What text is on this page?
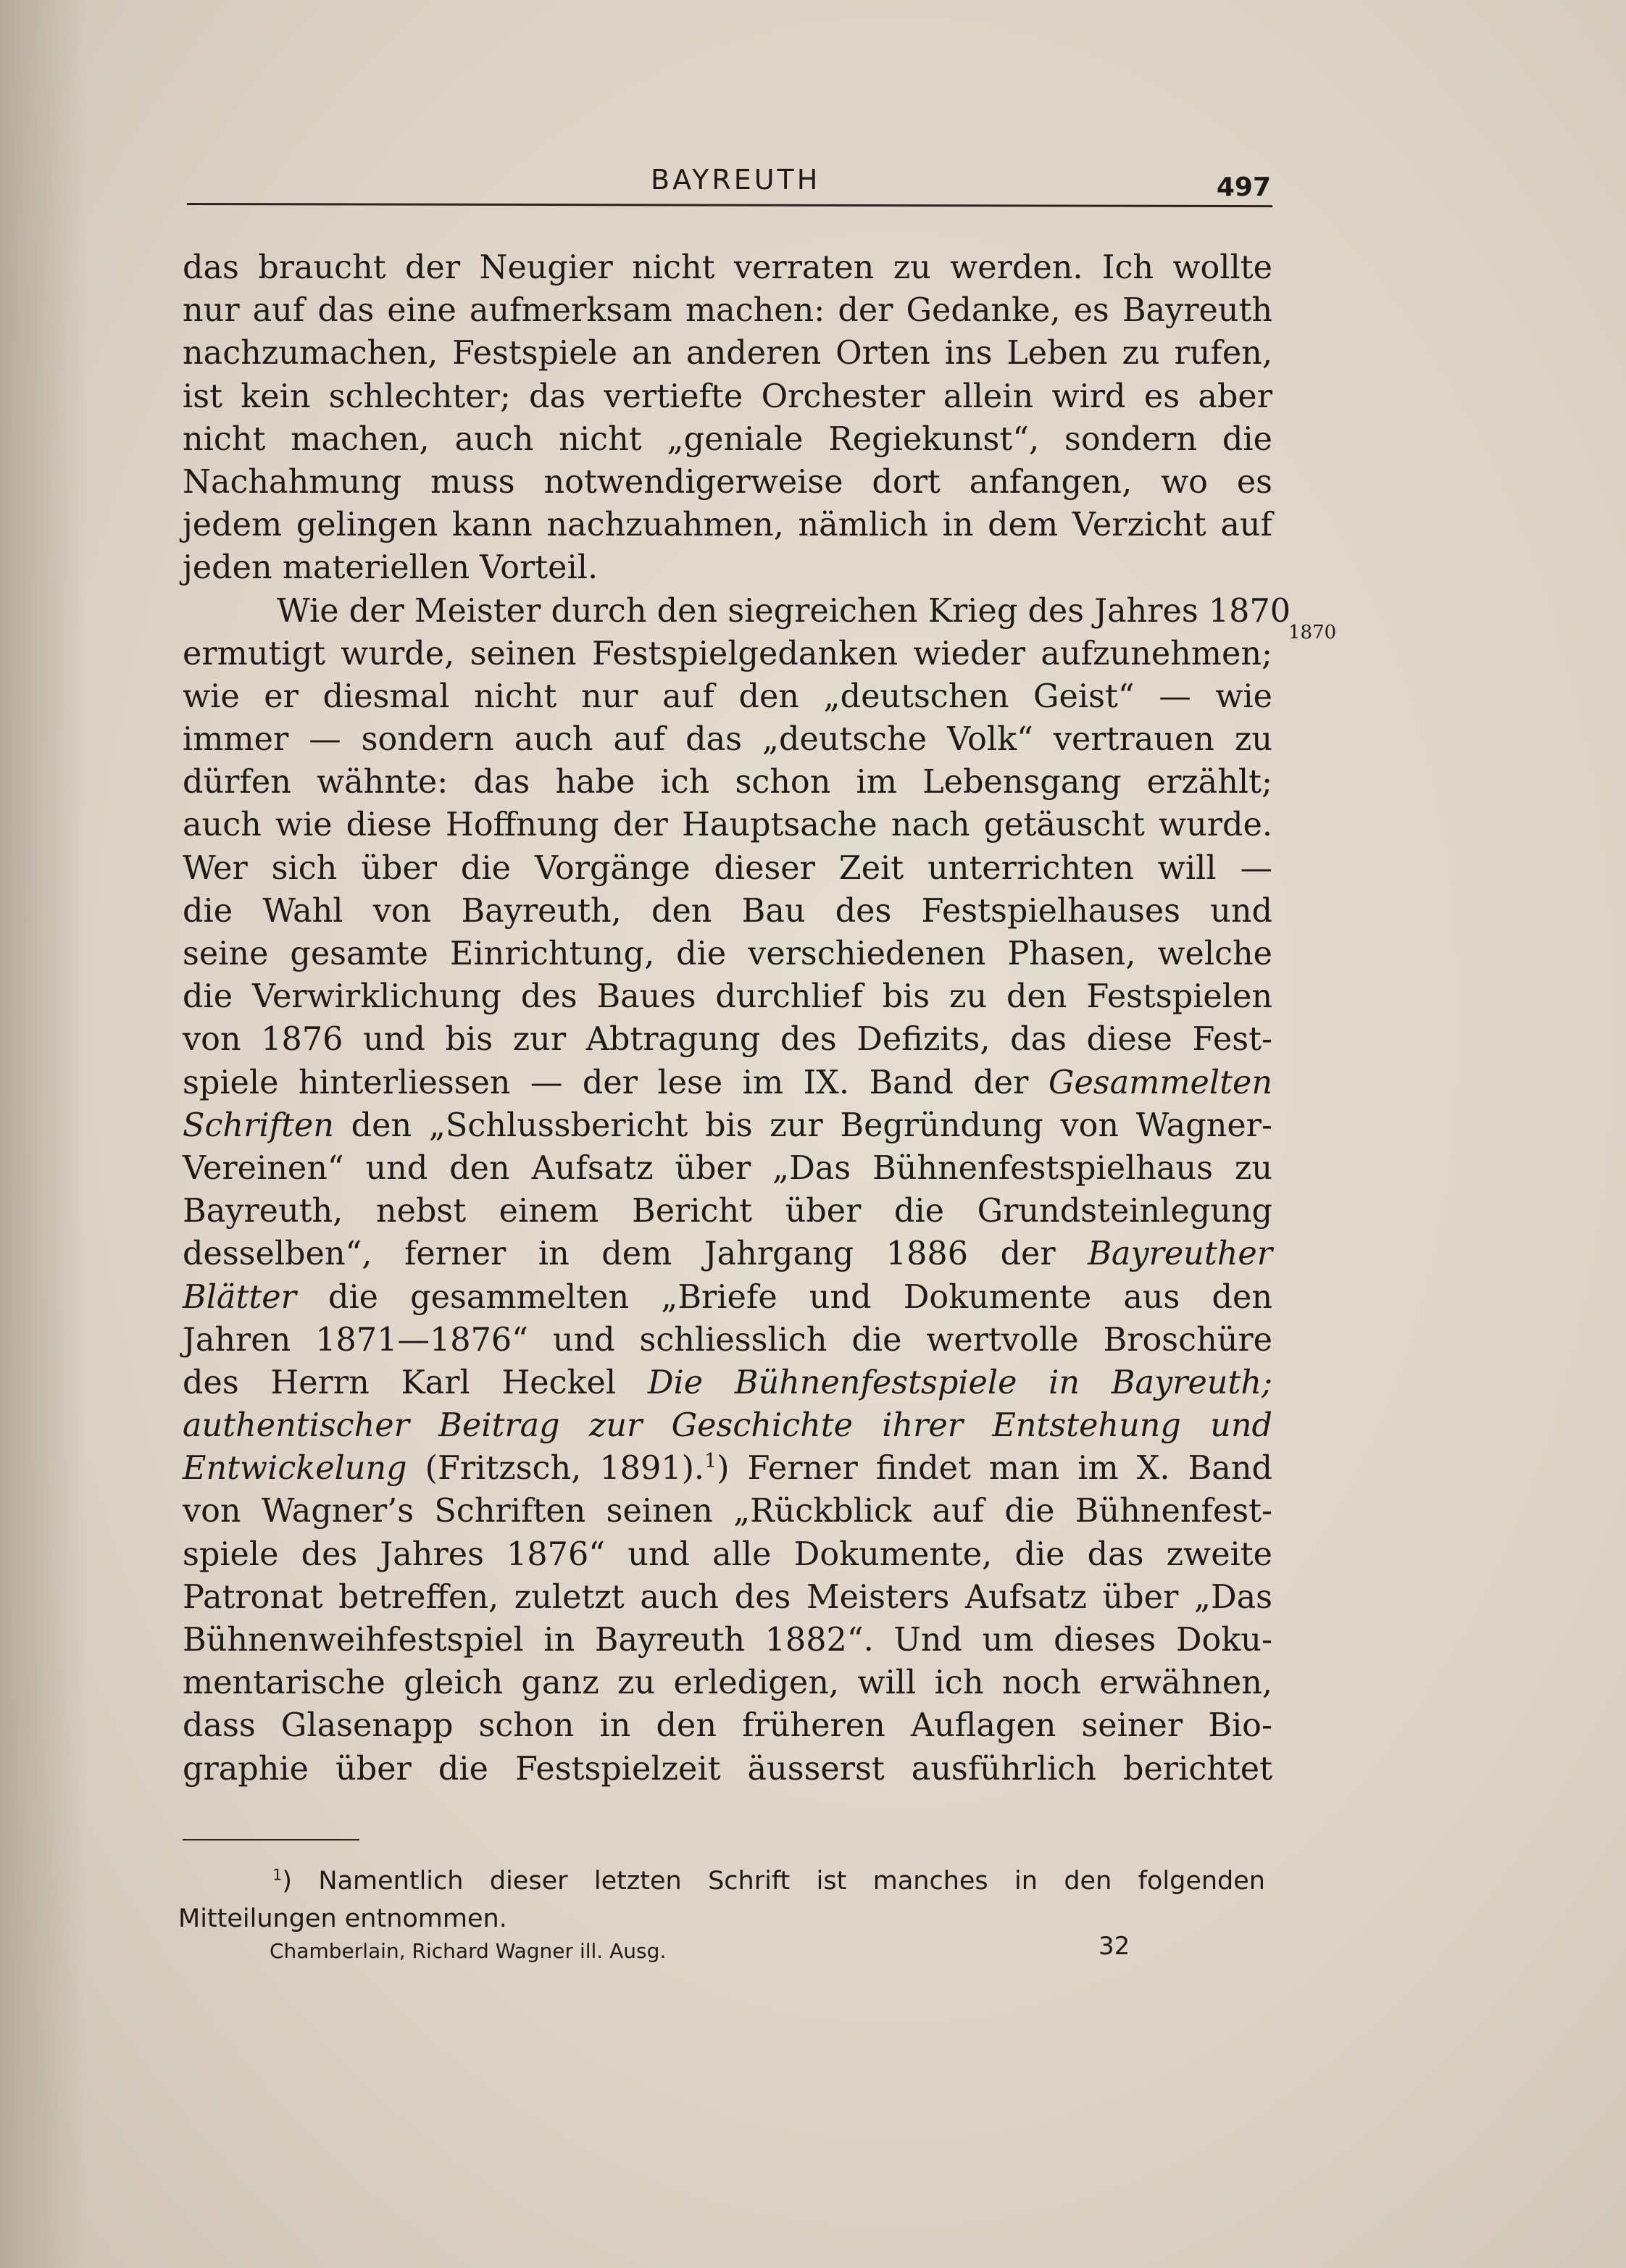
BAYREUTH	497
das braucht der Neugier nicht verraten zu werden. Ich wollte
nur auf das eine aufmerksam machen: der Gedanke, es Bayreuth
nachzumachen, Festspiele an anderen Orten ins Leben zu rufen,
ist kein schlechter; das vertiefte Orchester allein wird es aber
nicht machen, auch nicht „geniale Regiekunst“, sondern die
Nachahmung muss notwendigerweise dort anfangen, wo es
jedem gelingen kann nachzuahmen, nämlich in dem Verzicht auf
jeden materiellen Vorteil.
Wie der Meister durch den siegreichen Krieg des Jahres 1870
ermutigt wurde, seinen Festspielgedanken wieder aufzunehmen;
wie er diesmal nicht nur auf den „deutschen Geist“ — wie
immer — sondern auch auf das „deutsche Volk“ vertrauen zu
dürfen wähnte: das habe ich schon im Lebensgang erzählt;
auch wie diese Hoffnung der Hauptsache nach getäuscht wurde.
Wer sich über die Vorgänge dieser Zeit unterrichten will —
die Wahl von Bayreuth, den Bau des Festspielhauses und
seine gesamte Einrichtung, die verschiedenen Phasen, welche
die Verwirklichung des Baues durchlief bis zu den Festspielen
von 1876 und bis zur Abtragung des Defizits, das diese Fest-
spiele hinterliessen — der lese im IX. Band der Gesammelten
Schriften den „Schlussbericht bis zur Begründung von Wagner-
Vereinen“ und den Aufsatz über „Das Bühnenfestspielhaus zu
Bayreuth, nebst einem Bericht über die Grundsteinlegung
desselben“, ferner in dem Jahrgang 1886 der Bayreuther
Blätter die gesammelten „Briefe und Dokumente aus den
Jahren 1871—1876“ und schliesslich die wertvolle Broschüre
des Herrn Karl Heckel Die Bühnenfestspiele in Bayreuth;
authentischer Beitrag zur Geschichte ihrer Entstehung und
Entwickelung (Fritzsch, 1891).$^1$) Ferner findet man im X. Band
von Wagner’s Schriften seinen „Rückblick auf die Bühnenfest-
spiele des Jahres 1876“ und alle Dokumente, die das zweite
Patronat betreffen, zuletzt auch des Meisters Aufsatz über „Das
Bühnenweihfestspiel in Bayreuth 1882“. Und um dieses Doku-
mentarische gleich ganz zu erledigen, will ich noch erwähnen,
dass Glasenapp schon in den früheren Auflagen seiner Bio-
graphie über die Festspielzeit äusserst ausführlich berichtet
1870
$^1$) Namentlich dieser letzten Schrift ist manches in den folgenden
Mitteilungen entnommen.
Chamberlain, Richard Wagner ill. Ausg.	32
